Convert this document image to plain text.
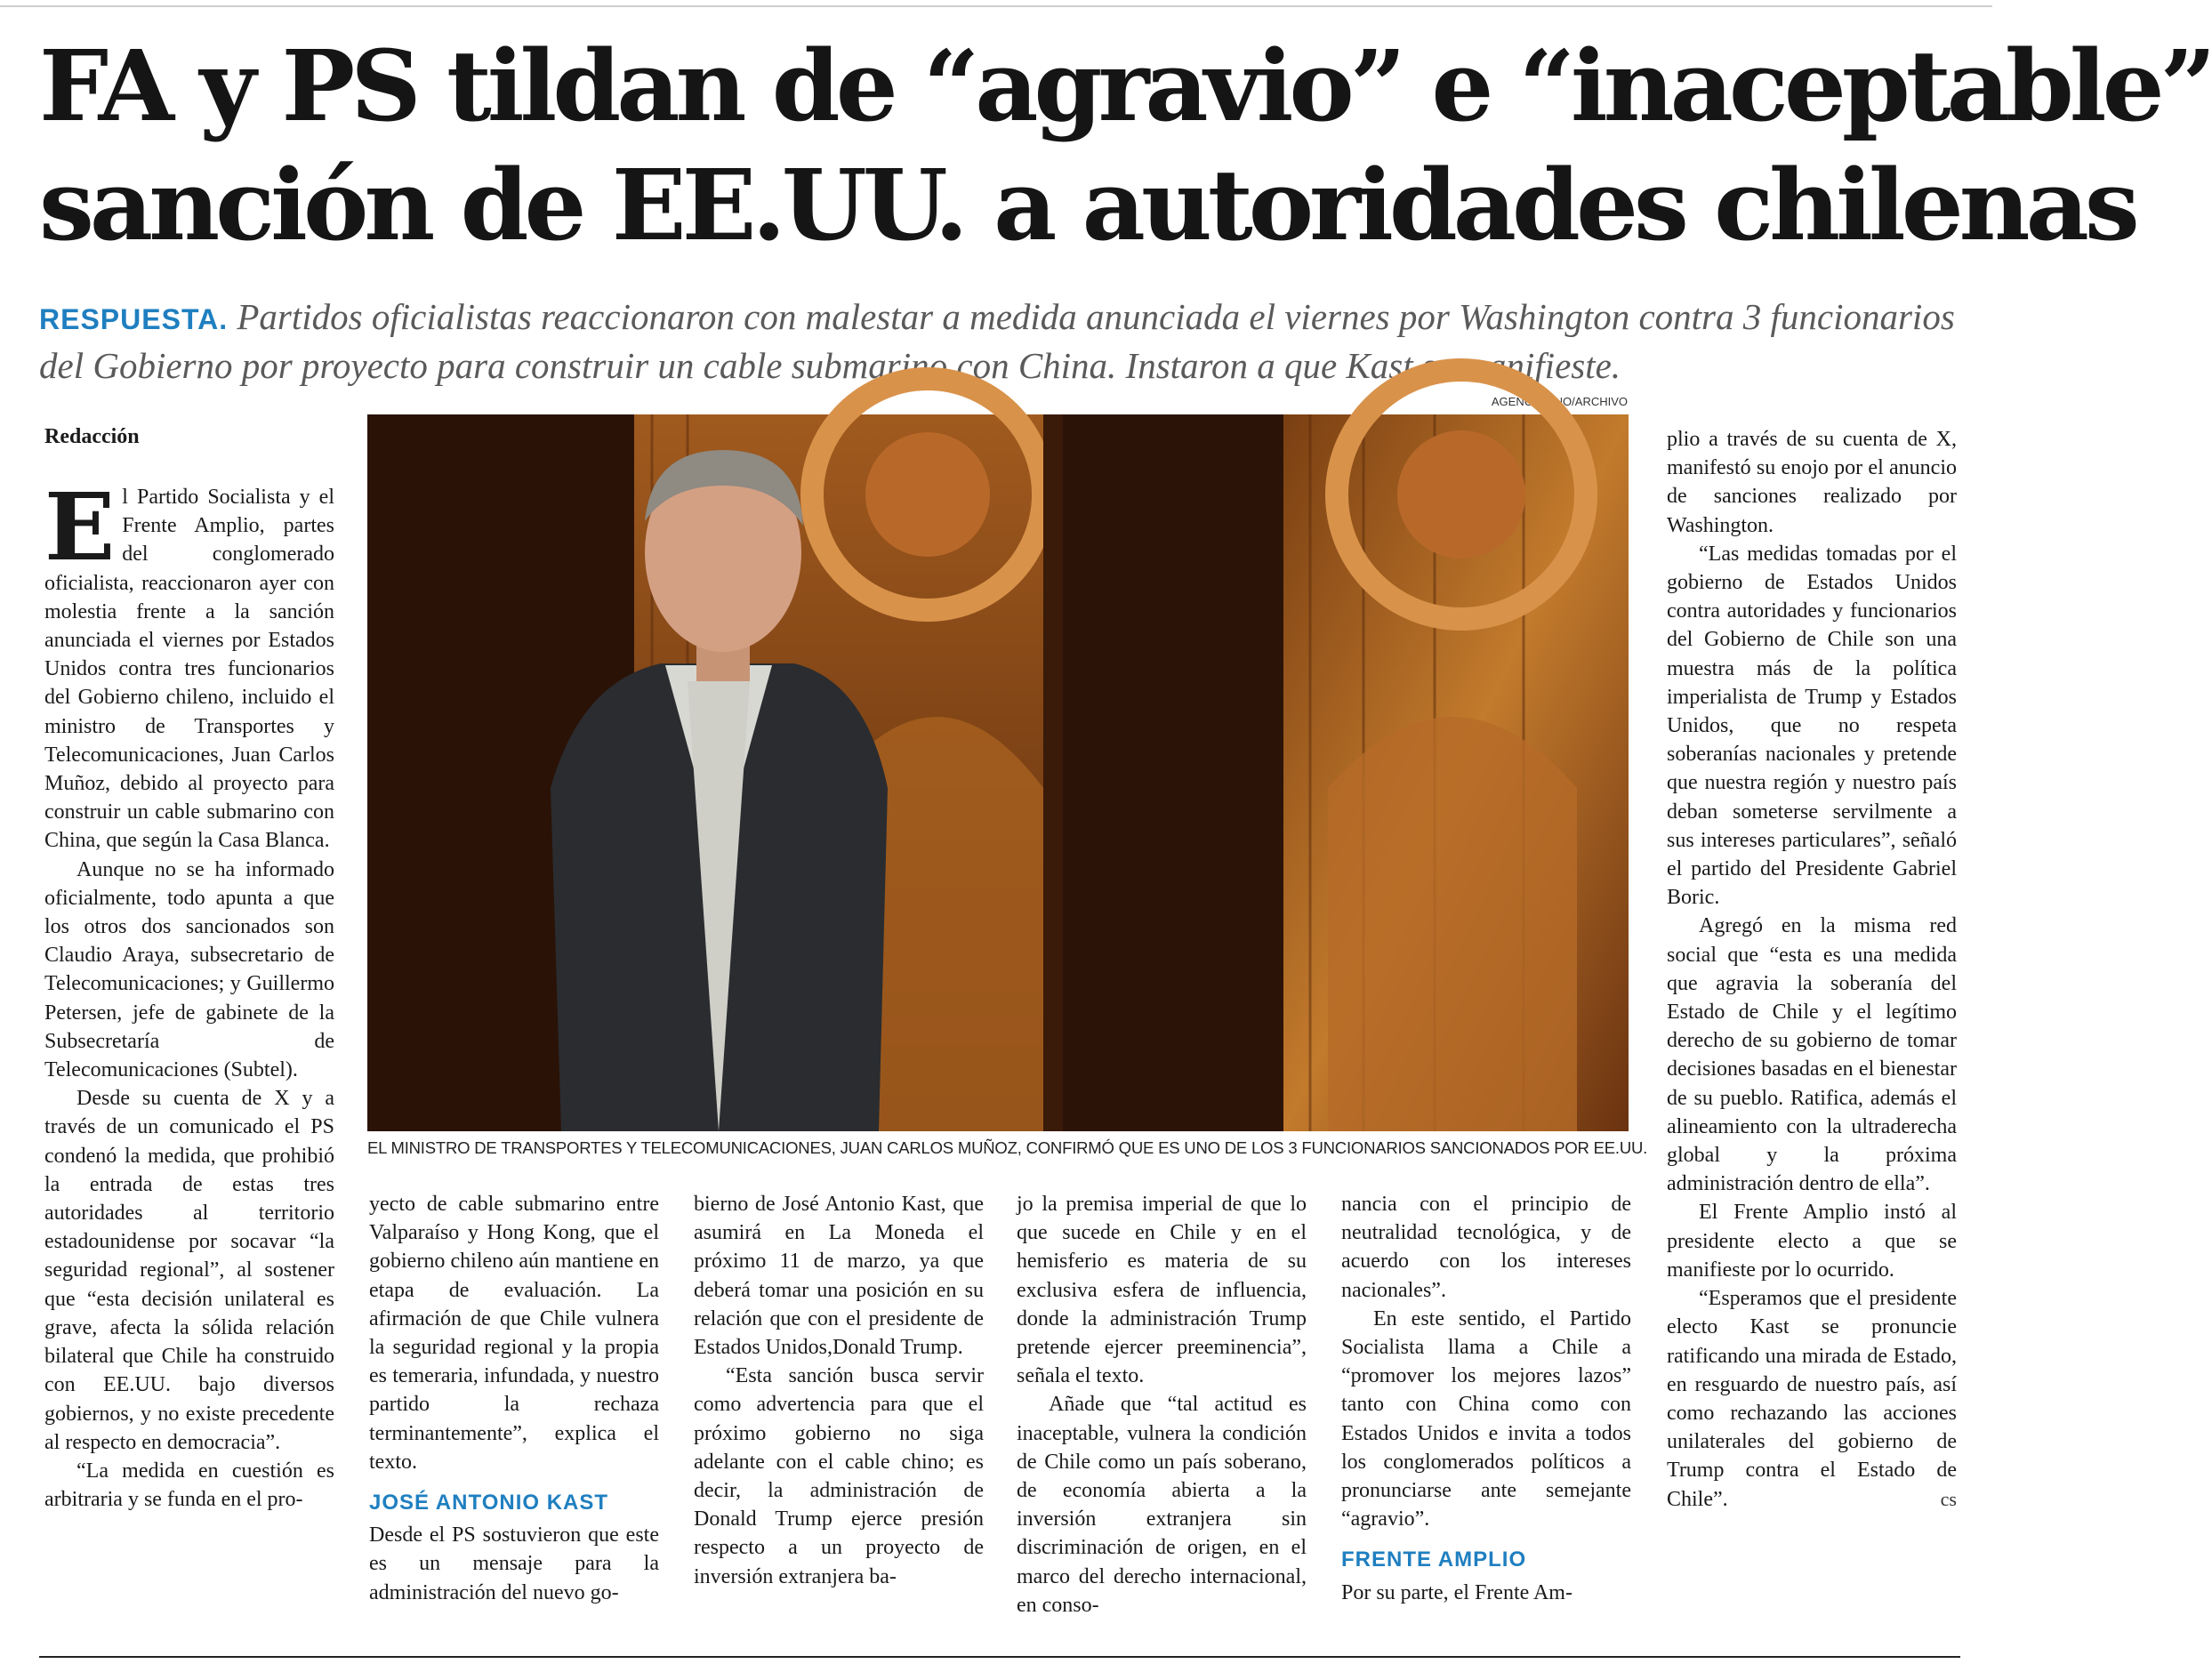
FA y PS tildan de “agravio” e “inaceptable”
sanción de EE.UU. a autoridades chilenas

RESPUESTA. Partidos oficialistas reaccionaron con malestar a medida anunciada el viernes por Washington contra 3 funcionarios del Gobierno por proyecto para construir un cable submarino con China. Instaron a que Kast se manifieste.

AGENCIA UNO/ARCHIVO
EL MINISTRO DE TRANSPORTES Y TELECOMUNICACIONES, JUAN CARLOS MUÑOZ, CONFIRMÓ QUE ES UNO DE LOS 3 FUNCIONARIOS SANCIONADOS POR EE.UU.
Redacción

El Partido Socialista y el Frente Amplio, partes del conglomerado oficialista, reaccionaron ayer con molestia frente a la sanción anunciada el viernes por Estados Unidos contra tres funcionarios del Gobierno chileno, incluido el ministro de Transportes y Telecomunicaciones, Juan Carlos Muñoz, debido al proyecto para construir un cable submarino con China, que según la Casa Blanca.

Aunque no se ha informado oficialmente, todo apunta a que los otros dos sancionados son Claudio Araya, subsecretario de Telecomunicaciones; y Guillermo Petersen, jefe de gabinete de la Subsecretaría de Telecomunicaciones (Subtel).

Desde su cuenta de X y a través de un comunicado el PS condenó la medida, que prohibió la entrada de estas tres autoridades al territorio estadounidense por socavar “la seguridad regional”, al sostener que “esta decisión unilateral es grave, afecta la sólida relación bilateral que Chile ha construido con EE.UU. bajo diversos gobiernos, y no existe precedente al respecto en democracia”.

“La medida en cuestión es arbitraria y se funda en el pro-

yecto de cable submarino entre Valparaíso y Hong Kong, que el gobierno chileno aún mantiene en etapa de evaluación. La afirmación de que Chile vulnera la seguridad regional y la propia es temeraria, infundada, y nuestro partido la rechaza terminantemente”, explica el texto.

JOSÉ ANTONIO KAST

Desde el PS sostuvieron que este es un mensaje para la administración del nuevo go-

bierno de José Antonio Kast, que asumirá en La Moneda el próximo 11 de marzo, ya que deberá tomar una posición en su relación que con el presidente de Estados Unidos,Donald Trump.

“Esta sanción busca servir como advertencia para que el próximo gobierno no siga adelante con el cable chino; es decir, la administración de Donald Trump ejerce presión respecto a un proyecto de inversión extranjera ba-

jo la premisa imperial de que lo que sucede en Chile y en el hemisferio es materia de su exclusiva esfera de influencia, donde la administración Trump pretende ejercer preeminencia”, señala el texto.

Añade que “tal actitud es inaceptable, vulnera la condición de Chile como un país soberano, de economía abierta a la inversión extranjera sin discriminación de origen, en el marco del derecho internacional, en conso-

nancia con el principio de neutralidad tecnológica, y de acuerdo con los intereses nacionales”.

En este sentido, el Partido Socialista llama a Chile a “promover los mejores lazos” tanto con China como con Estados Unidos e invita a todos los conglomerados políticos a pronunciarse ante semejante “agravio”.

FRENTE AMPLIO

Por su parte, el Frente Am-

plio a través de su cuenta de X, manifestó su enojo por el anuncio de sanciones realizado por Washington.

“Las medidas tomadas por el gobierno de Estados Unidos contra autoridades y funcionarios del Gobierno de Chile son una muestra más de la política imperialista de Trump y Estados Unidos, que no respeta soberanías nacionales y pretende que nuestra región y nuestro país deban someterse servilmente a sus intereses particulares”, señaló el partido del Presidente Gabriel Boric.

Agregó en la misma red social que “esta es una medida que agravia la soberanía del Estado de Chile y el legítimo derecho de su gobierno de tomar decisiones basadas en el bienestar de su pueblo. Ratifica, además el alineamiento con la ultraderecha global y la próxima administración dentro de ella”.

El Frente Amplio instó al presidente electo a que se manifieste por lo ocurrido.

“Esperamos que el presidente electo Kast se pronuncie ratificando una mirada de Estado, en resguardo de nuestro país, así como rechazando las acciones unilaterales del gobierno de Trump contra el Estado de Chile”.	cs
